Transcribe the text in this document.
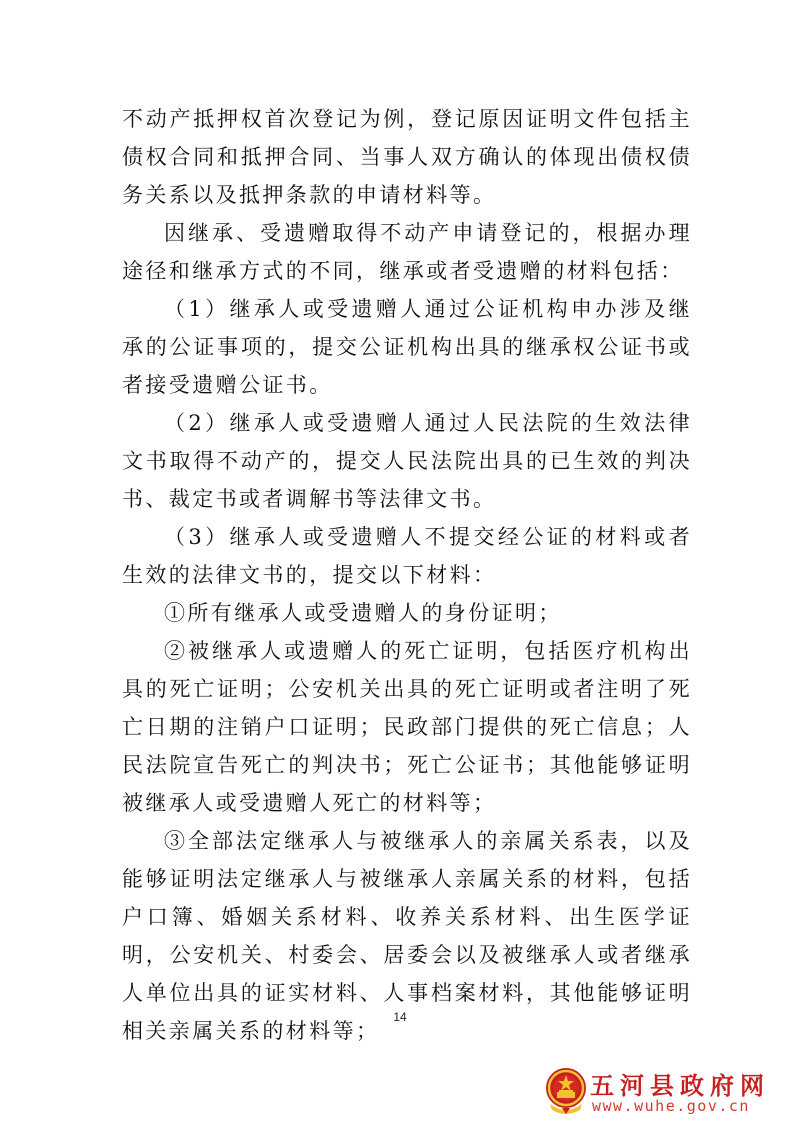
不动产抵押权首次登记为例，登记原因证明文件包括主债权合同和抵押合同、当事人双方确认的体现出债权债务关系以及抵押条款的申请材料等。

因继承、受遗赠取得不动产申请登记的，根据办理途径和继承方式的不同，继承或者受遗赠的材料包括：

（1）继承人或受遗赠人通过公证机构申办涉及继承的公证事项的，提交公证机构出具的继承权公证书或者接受遗赠公证书。

（2）继承人或受遗赠人通过人民法院的生效法律文书取得不动产的，提交人民法院出具的已生效的判决书、裁定书或者调解书等法律文书。

（3）继承人或受遗赠人不提交经公证的材料或者生效的法律文书的，提交以下材料：

①所有继承人或受遗赠人的身份证明；

②被继承人或遗赠人的死亡证明，包括医疗机构出具的死亡证明；公安机关出具的死亡证明或者注明了死亡日期的注销户口证明；民政部门提供的死亡信息；人民法院宣告死亡的判决书；死亡公证书；其他能够证明被继承人或受遗赠人死亡的材料等；

③全部法定继承人与被继承人的亲属关系表，以及能够证明法定继承人与被继承人亲属关系的材料，包括户口簿、婚姻关系材料、收养关系材料、出生医学证明，公安机关、村委会、居委会以及被继承人或者继承人单位出具的证实材料、人事档案材料，其他能够证明相关亲属关系的材料等；

14
五河县政府网
www.wuhe.gov.cn
